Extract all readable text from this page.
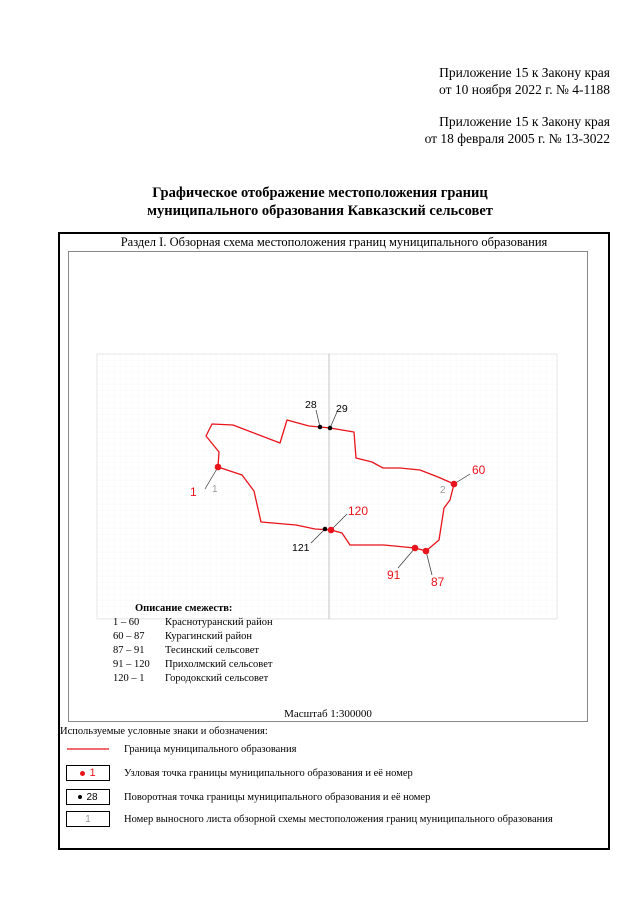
Приложение 15 к Закону края
от 10 ноября 2022 г. № 4-1188
Приложение 15 к Закону края
от 18 февраля 2005 г. № 13-3022
Графическое отображение местоположения границ
муниципального образования Кавказский сельсовет
Раздел I. Обзорная схема местоположения границ муниципального образования
1
60
87
91
120
28 29
121
1	2
Описание смежеств:
1 – 60	Краснотуранский район
60 – 87	Курагинский район
87 – 91	Тесинский сельсовет
91 – 120	Прихолмский сельсовет
120 – 1	Городокский сельсовет
Масштаб 1:300000
Используемые условные знаки и обозначения:
Граница муниципального образования
1	Узловая точка границы муниципального образования и её номер
28	Поворотная точка границы муниципального образования и её номер
1	Номер выносного листа обзорной схемы местоположения границ муниципального образования
